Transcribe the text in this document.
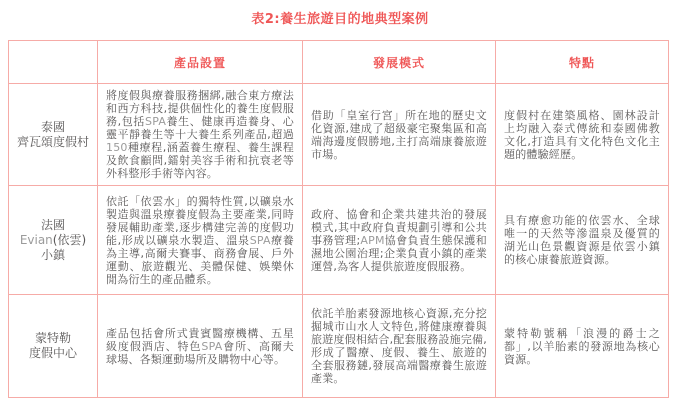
表2:養生旅遊目的地典型案例
	產品設置	發展模式	特點

泰國
齊瓦頌度假村	將度假與療養服務捆綁,融合東方療法和西方科技,提供個性化的養生度假服務,包括SPA養生、健康再造養身、心靈平靜養生等十大養生系列產品,超過150種療程,涵蓋養生療程、養生課程及飲食顧問,鐳射美容手術和抗衰老等外科整形手術等內容。	借助「皇室行宮」所在地的歷史文化資源,建成了超級豪宅聚集區和高端海邊度假勝地,主打高端康養旅遊市場。	度假村在建築風格、園林設計上均融入泰式傳統和泰國佛教文化,打造具有文化特色文化主題的體驗經歷。

法國
Evian(依雲)
小鎮	依託「依雲水」的獨特性質,以礦泉水製造與溫泉療養度假為主要產業,同時發展輔助產業,逐步構建完善的度假功能,形成以礦泉水製造、溫泉SPA療養為主導,高爾夫賽事、商務會展、戶外運動、旅遊觀光、美體保健、娛樂休閒為衍生的產品體系。	政府、協會和企業共建共治的發展模式,其中政府負責規劃引導和公共事務管理;APM協會負責生態保護和濕地公園治理;企業負責小鎮的產業運營,為客人提供旅遊度假服務。	具有療愈功能的依雲水、全球唯一的天然等滲溫泉及優質的湖光山色景觀資源是依雲小鎮的核心康養旅遊資源。

蒙特勒
度假中心	產品包括會所式貴賓醫療機構、五星級度假酒店、特色SPA會所、高爾夫球場、各類運動場所及購物中心等。	依託羊胎素發源地核心資源,充分挖掘城市山水人文特色,將健康療養與旅遊度假相結合,配套服務設施完備,形成了醫療、度假、養生、旅遊的全套服務鏈,發展高端醫療養生旅遊產業。	蒙特勒號稱「浪漫的爵士之都」,以羊胎素的發源地為核心資源。
